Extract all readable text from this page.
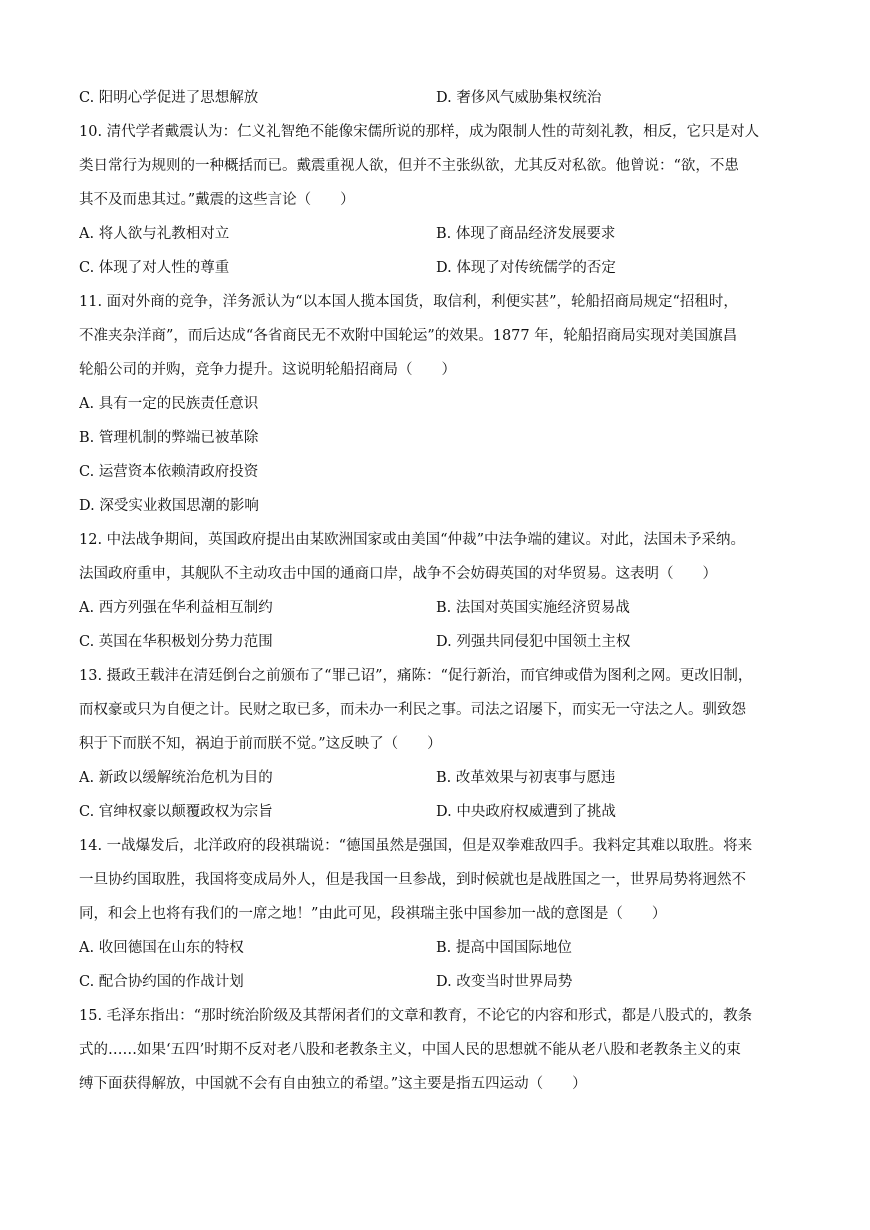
C. 阳明心学促进了思想解放	D. 奢侈风气威胁集权统治
10. 清代学者戴震认为：仁义礼智绝不能像宋儒所说的那样，成为限制人性的苛刻礼教，相反，它只是对人
类日常行为规则的一种概括而已。戴震重视人欲，但并不主张纵欲，尤其反对私欲。他曾说：“欲，不患
其不及而患其过。”戴震的这些言论（　　）
A. 将人欲与礼教相对立	B. 体现了商品经济发展要求
C. 体现了对人性的尊重	D. 体现了对传统儒学的否定
11. 面对外商的竞争，洋务派认为“以本国人揽本国货，取信利，利便实甚”，轮船招商局规定“招租时，
不准夹杂洋商”，而后达成“各省商民无不欢附中国轮运”的效果。1877 年，轮船招商局实现对美国旗昌
轮船公司的并购，竞争力提升。这说明轮船招商局（　　）
A. 具有一定的民族责任意识
B. 管理机制的弊端已被革除
C. 运营资本依赖清政府投资
D. 深受实业救国思潮的影响
12. 中法战争期间，英国政府提出由某欧洲国家或由美国“仲裁”中法争端的建议。对此，法国未予采纳。
法国政府重申，其舰队不主动攻击中国的通商口岸，战争不会妨碍英国的对华贸易。这表明（　　）
A. 西方列强在华利益相互制约	B. 法国对英国实施经济贸易战
C. 英国在华积极划分势力范围	D. 列强共同侵犯中国领土主权
13. 摄政王载沣在清廷倒台之前颁布了“罪己诏”，痛陈：“促行新治，而官绅或借为图利之网。更改旧制，
而权豪或只为自便之计。民财之取已多，而未办一利民之事。司法之诏屡下，而实无一守法之人。驯致怨
积于下而朕不知，祸迫于前而朕不觉。”这反映了（　　）
A. 新政以缓解统治危机为目的	B. 改革效果与初衷事与愿违
C. 官绅权豪以颠覆政权为宗旨	D. 中央政府权威遭到了挑战
14. 一战爆发后，北洋政府的段祺瑞说：“德国虽然是强国，但是双拳难敌四手。我料定其难以取胜。将来
一旦协约国取胜，我国将变成局外人，但是我国一旦参战，到时候就也是战胜国之一，世界局势将迥然不
同，和会上也将有我们的一席之地！”由此可见，段祺瑞主张中国参加一战的意图是（　　）
A. 收回德国在山东的特权	B. 提高中国国际地位
C. 配合协约国的作战计划	D. 改变当时世界局势
15. 毛泽东指出：“那时统治阶级及其帮闲者们的文章和教育，不论它的内容和形式，都是八股式的，教条
式的……如果‘五四’时期不反对老八股和老教条主义，中国人民的思想就不能从老八股和老教条主义的束
缚下面获得解放，中国就不会有自由独立的希望。”这主要是指五四运动（　　）
